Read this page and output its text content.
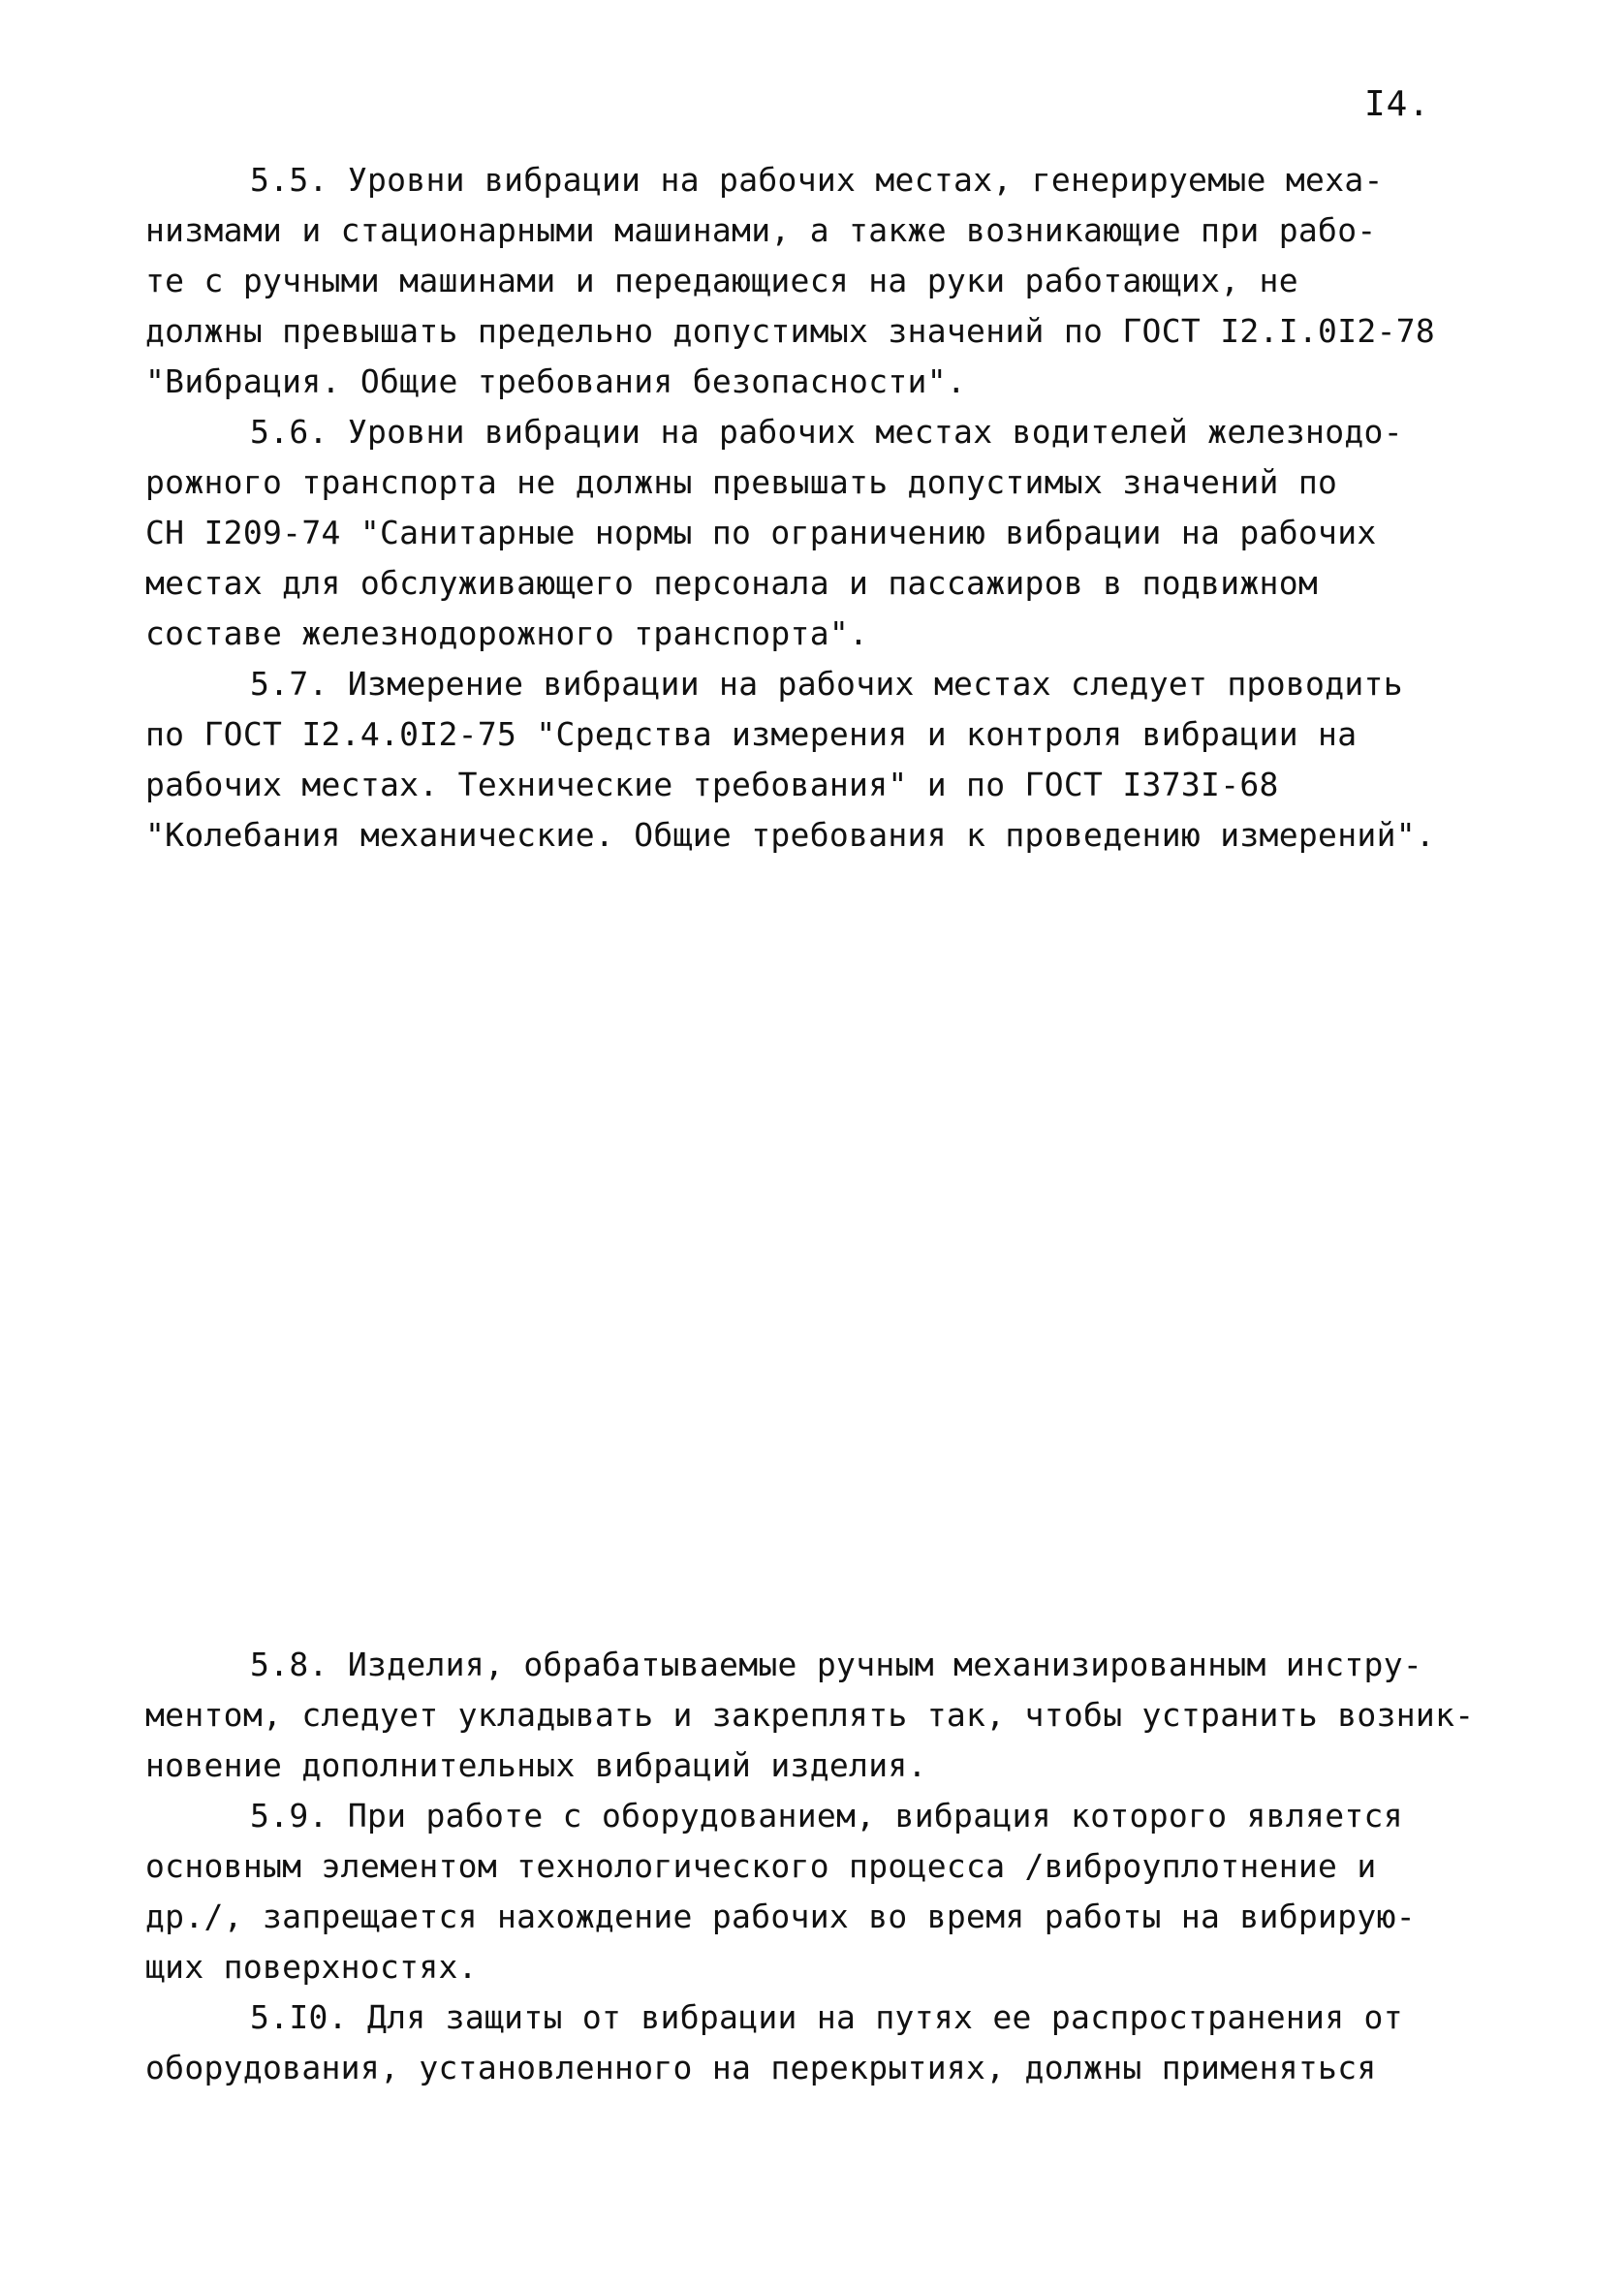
I4.
5.5. Уровни вибрации на рабочих местах, генерируемые меха-
низмами и стационарными машинами, а также возникающие при рабо-
те с ручными машинами и передающиеся на руки работающих, не
должны превышать предельно допустимых значений по ГОСТ I2.I.0I2-78
"Вибрация. Общие требования безопасности".
5.6. Уровни вибрации на рабочих местах водителей железнодо-
рожного транспорта не должны превышать допустимых значений по
СН I209-74 "Санитарные нормы по ограничению вибрации на рабочих
местах для обслуживающего персонала и пассажиров в подвижном
составе железнодорожного транспорта".
5.7. Измерение вибрации на рабочих местах следует проводить
по ГОСТ I2.4.0I2-75 "Средства измерения и контроля вибрации на
рабочих местах. Технические требования" и по ГОСТ I373I-68
"Колебания механические. Общие требования к проведению измерений".
5.8. Изделия, обрабатываемые ручным механизированным инстру-
ментом, следует укладывать и закреплять так, чтобы устранить возник-
новение дополнительных вибраций изделия.
5.9. При работе с оборудованием, вибрация которого является
основным элементом технологического процесса /виброуплотнение и
др./, запрещается нахождение рабочих во время работы на вибрирую-
щих поверхностях.
5.I0. Для защиты от вибрации на путях ее распространения от
оборудования, установленного на перекрытиях, должны применяться
